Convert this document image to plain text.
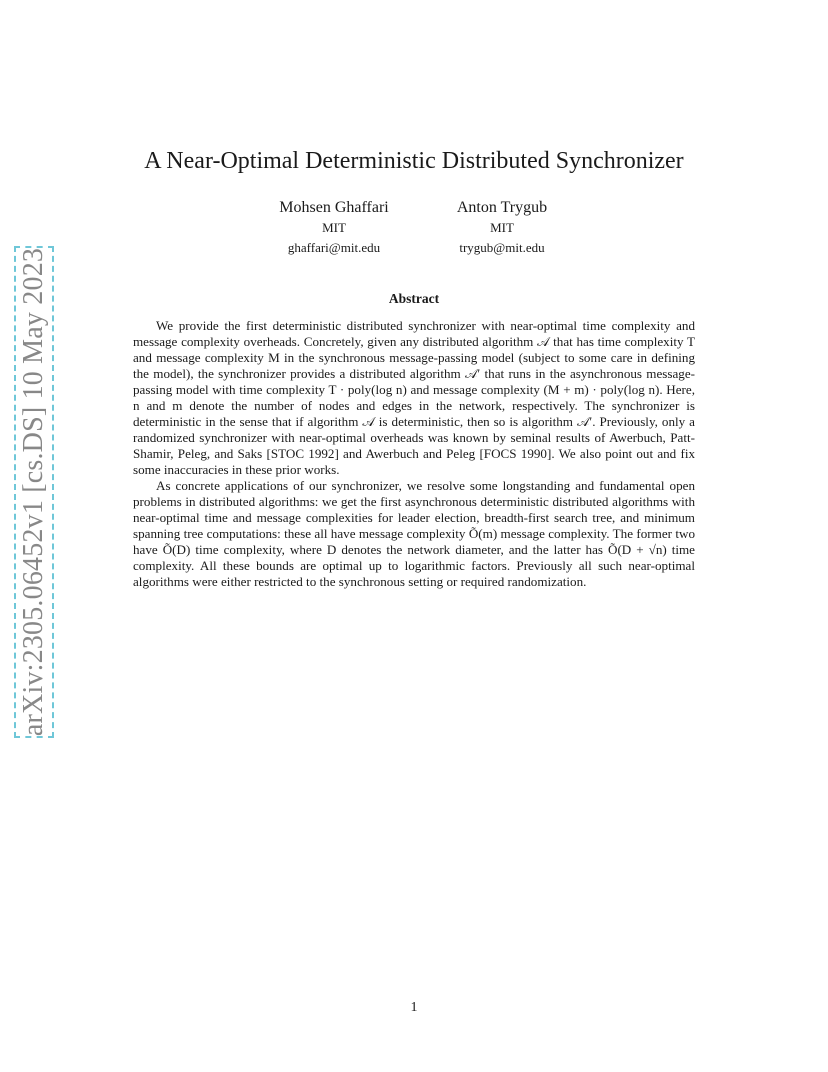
arXiv:2305.06452v1 [cs.DS] 10 May 2023
A Near-Optimal Deterministic Distributed Synchronizer
Mohsen Ghaffari
MIT
ghaffari@mit.edu
Anton Trygub
MIT
trygub@mit.edu
Abstract

We provide the first deterministic distributed synchronizer with near-optimal time complexity and message complexity overheads. Concretely, given any distributed algorithm 𝒜 that has time complexity T and message complexity M in the synchronous message-passing model (subject to some care in defining the model), the synchronizer provides a distributed algorithm 𝒜′ that runs in the asynchronous message-passing model with time complexity T · poly(log n) and message complexity (M + m) · poly(log n). Here, n and m denote the number of nodes and edges in the network, respectively. The synchronizer is deterministic in the sense that if algorithm 𝒜 is deterministic, then so is algorithm 𝒜′. Previously, only a randomized synchronizer with near-optimal overheads was known by seminal results of Awerbuch, Patt-Shamir, Peleg, and Saks [STOC 1992] and Awerbuch and Peleg [FOCS 1990]. We also point out and fix some inaccuracies in these prior works.

As concrete applications of our synchronizer, we resolve some longstanding and fundamental open problems in distributed algorithms: we get the first asynchronous deterministic distributed algorithms with near-optimal time and message complexities for leader election, breadth-first search tree, and minimum spanning tree computations: these all have message complexity Õ(m) message complexity. The former two have Õ(D) time complexity, where D denotes the network diameter, and the latter has Õ(D + √n) time complexity. All these bounds are optimal up to logarithmic factors. Previously all such near-optimal algorithms were either restricted to the synchronous setting or required randomization.

1
